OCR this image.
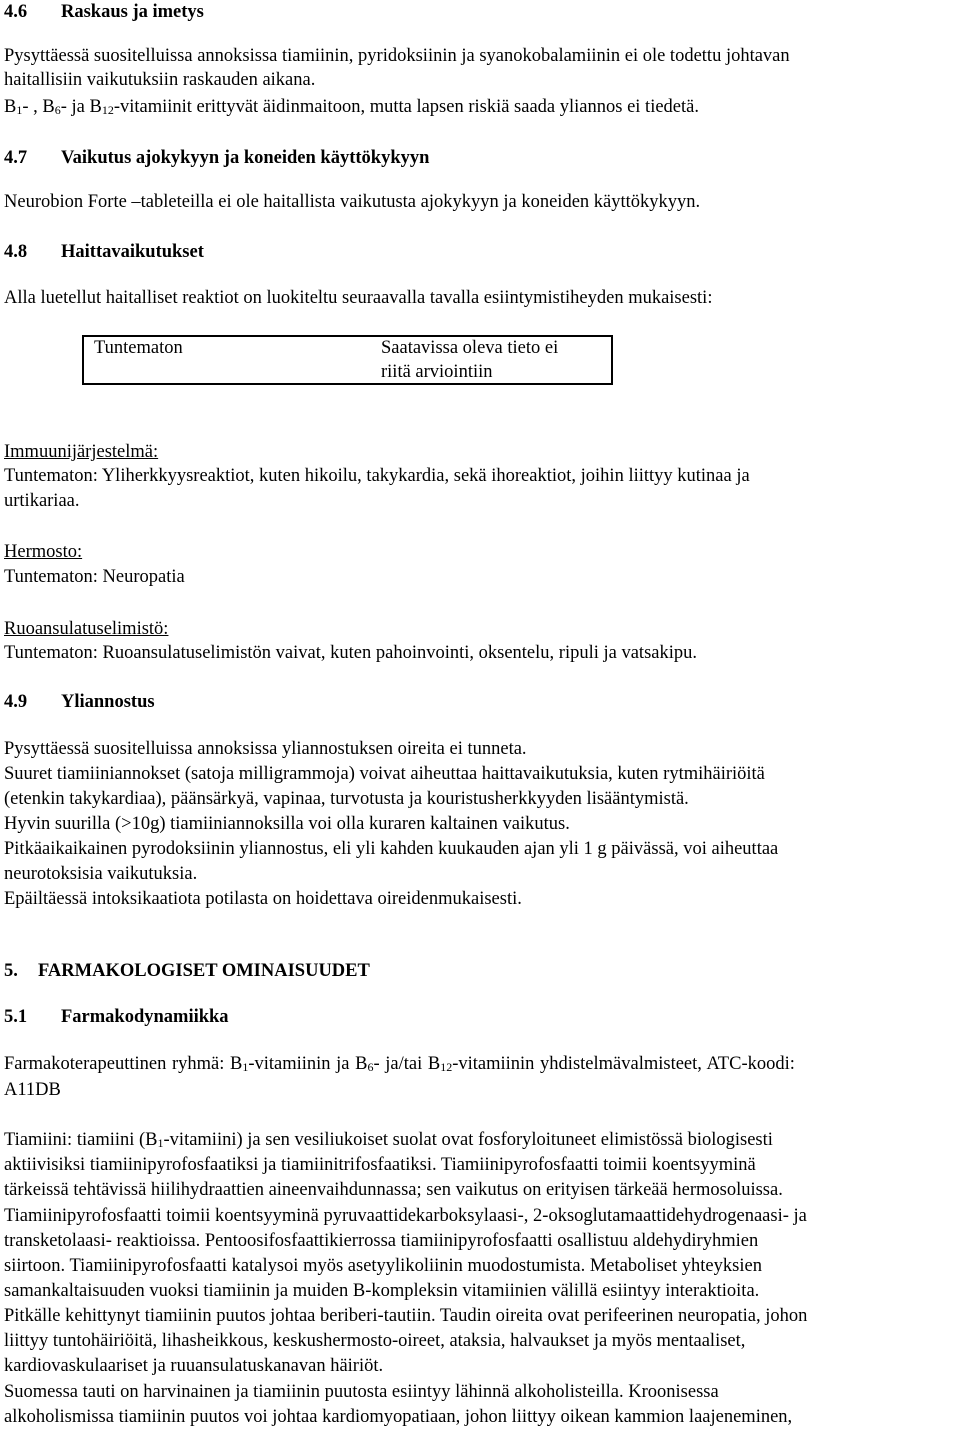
4.6 Raskaus ja imetys
Pysyttäessä suositelluissa annoksissa tiamiinin, pyridoksiinin ja syanokobalamiinin ei ole todettu johtavan
haitallisiin vaikutuksiin raskauden aikana.
$B_1-$ , $B_6-$ ja $B_{12}$-vitamiinit erittyvät äidinmaitoon, mutta lapsen riskiä saada yliannos ei tiedetä.
4.7 Vaikutus ajokykyyn ja koneiden käyttökykyyn
Neurobion Forte –tableteilla ei ole haitallista vaikutusta ajokykyyn ja koneiden käyttökykyyn.
4.8 Haittavaikutukset
Alla luetellut haitalliset reaktiot on luokiteltu seuraavalla tavalla esiintymistiheyden mukaisesti:
Tuntematon	Saatavissa oleva tieto ei
riitä arviointiin
Immuunijärjestelmä:
Tuntematon: Yliherkkyysreaktiot, kuten hikoilu, takykardia, sekä ihoreaktiot, joihin liittyy kutinaa ja
urtikariaa.
Hermosto:
Tuntematon: Neuropatia
Ruoansulatuselimistö:
Tuntematon: Ruoansulatuselimistön vaivat, kuten pahoinvointi, oksentelu, ripuli ja vatsakipu.
4.9 Yliannostus
Pysyttäessä suositelluissa annoksissa yliannostuksen oireita ei tunneta.
Suuret tiamiiniannokset (satoja milligrammoja) voivat aiheuttaa haittavaikutuksia, kuten rytmihäiriöitä
(etenkin takykardiaa), päänsärkyä, vapinaa, turvotusta ja kouristusherkkyyden lisääntymistä.
Hyvin suurilla (>10g) tiamiiniannoksilla voi olla kuraren kaltainen vaikutus.
Pitkäaikaikainen pyrodoksiinin yliannostus, eli yli kahden kuukauden ajan yli 1 g päivässä, voi aiheuttaa
neurotoksisia vaikutuksia.
Epäiltäessä intoksikaatiota potilasta on hoidettava oireidenmukaisesti.
5. FARMAKOLOGISET OMINAISUUDET
5.1 Farmakodynamiikka
Farmakoterapeuttinen ryhmä: $B_1$-vitamiinin ja $B_6-$ ja/tai $B_{12}$-vitamiinin yhdistelmävalmisteet, ATC-koodi:
A11DB
Tiamiini: tiamiini $(B_1-vitamiini)$ ja sen vesiliukoiset suolat ovat fosforyloituneet elimistössä biologisesti
aktiivisiksi tiamiinipyrofosfaatiksi ja tiamiinitrifosfaatiksi. Tiamiinipyrofosfaatti toimii koentsyyminä
tärkeissä tehtävissä hiilihydraattien aineenvaihdunnassa; sen vaikutus on erityisen tärkeää hermosoluissa.
Tiamiinipyrofosfaatti toimii koentsyyminä pyruvaattidekarboksylaasi-, 2-oksoglutamaattidehydrogenaasi- ja
transketolaasi- reaktioissa. Pentoosifosfaattikierrossa tiamiinipyrofosfaatti osallistuu aldehydiryhmien
siirtoon. Tiamiinipyrofosfaatti katalysoi myös asetyylikoliinin muodostumista. Metaboliset yhteyksien
samankaltaisuuden vuoksi tiamiinin ja muiden B-kompleksin vitamiinien välillä esiintyy interaktioita.
Pitkälle kehittynyt tiamiinin puutos johtaa beriberi-tautiin. Taudin oireita ovat perifeerinen neuropatia, johon
liittyy tuntohäiriöitä, lihasheikkous, keskushermosto-oireet, ataksia, halvaukset ja myös mentaaliset,
kardiovaskulaariset ja ruuansulatuskanavan häiriöt.
Suomessa tauti on harvinainen ja tiamiinin puutosta esiintyy lähinnä alkoholisteilla. Kroonisessa
alkoholismissa tiamiinin puutos voi johtaa kardiomyopatiaan, johon liittyy oikean kammion laajeneminen,
